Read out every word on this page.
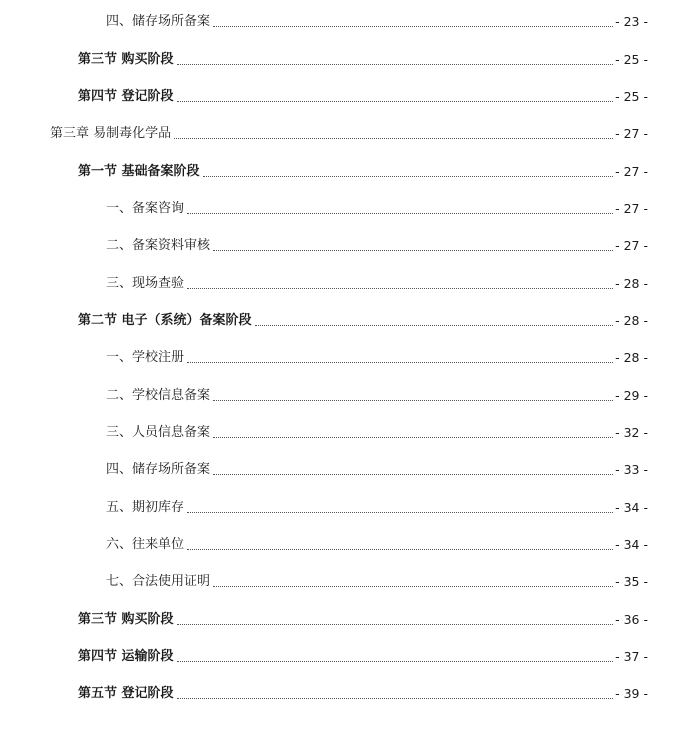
四、储存场所备案	- 23 -
第三节 购买阶段	- 25 -
第四节 登记阶段	- 25 -
第三章 易制毒化学品	- 27 -
第一节 基础备案阶段	- 27 -
一、备案咨询	- 27 -
二、备案资料审核	- 27 -
三、现场查验	- 28 -
第二节 电子（系统）备案阶段	- 28 -
一、学校注册	- 28 -
二、学校信息备案	- 29 -
三、人员信息备案	- 32 -
四、储存场所备案	- 33 -
五、期初库存	- 34 -
六、往来单位	- 34 -
七、合法使用证明	- 35 -
第三节 购买阶段	- 36 -
第四节 运输阶段	- 37 -
第五节 登记阶段	- 39 -
